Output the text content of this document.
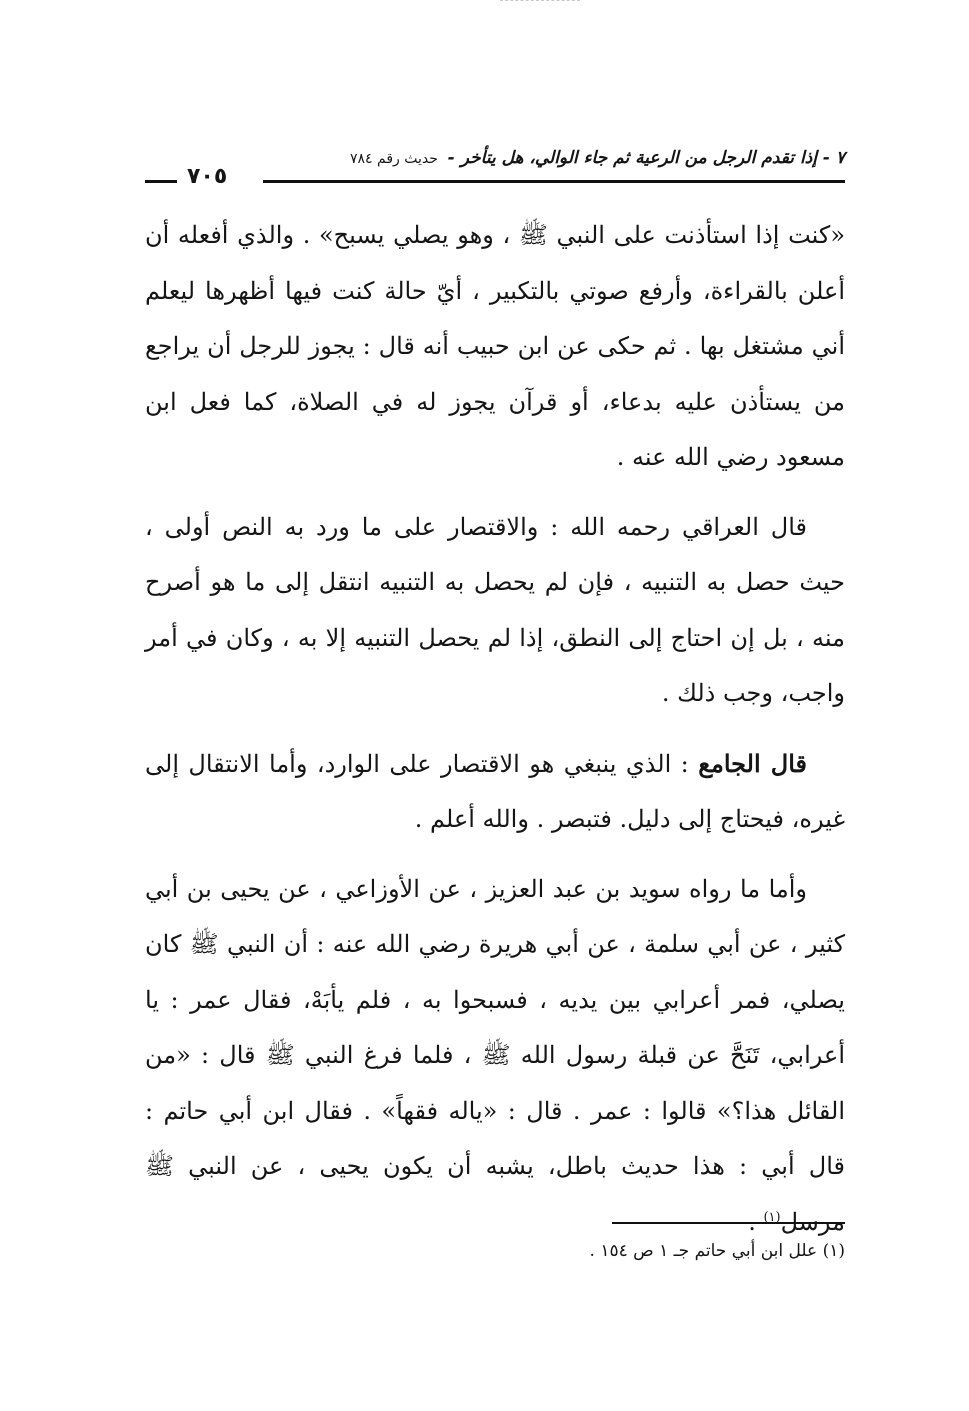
٧ - إذا تقدم الرجل من الرعية ثم جاء الوالي، هل يتأخر - حديث رقم ٧٨٤
٧٠٥

«كنت إذا استأذنت على النبي ﷺ ، وهو يصلي يسبح» . والذي أفعله أن أعلن بالقراءة، وأرفع صوتي بالتكبير ، أيّ حالة كنت فيها أظهرها ليعلم أني مشتغل بها . ثم حكى عن ابن حبيب أنه قال : يجوز للرجل أن يراجع من يستأذن عليه بدعاء، أو قرآن يجوز له في الصلاة، كما فعل ابن مسعود رضي الله عنه .

قال العراقي رحمه الله : والاقتصار على ما ورد به النص أولى ، حيث حصل به التنبيه ، فإن لم يحصل به التنبيه انتقل إلى ما هو أصرح منه ، بل إن احتاج إلى النطق، إذا لم يحصل التنبيه إلا به ، وكان في أمر واجب، وجب ذلك .

قال الجامع : الذي ينبغي هو الاقتصار على الوارد، وأما الانتقال إلى غيره، فيحتاج إلى دليل. فتبصر . والله أعلم .

وأما ما رواه سويد بن عبد العزيز ، عن الأوزاعي ، عن يحيى بن أبي كثير ، عن أبي سلمة ، عن أبي هريرة رضي الله عنه : أن النبي ﷺ كان يصلي، فمر أعرابي بين يديه ، فسبحوا به ، فلم يأبَهْ، فقال عمر : يا أعرابي، تَنَحَّ عن قبلة رسول الله ﷺ ، فلما فرغ النبي ﷺ قال : «من القائل هذا؟» قالوا : عمر . قال : «ياله فقهاً» . فقال ابن أبي حاتم : قال أبي : هذا حديث باطل، يشبه أن يكون يحيى ، عن النبي ﷺ مرسل$^{(١)}$ .

(١) علل ابن أبي حاتم جـ ١ ص ١٥٤ .
